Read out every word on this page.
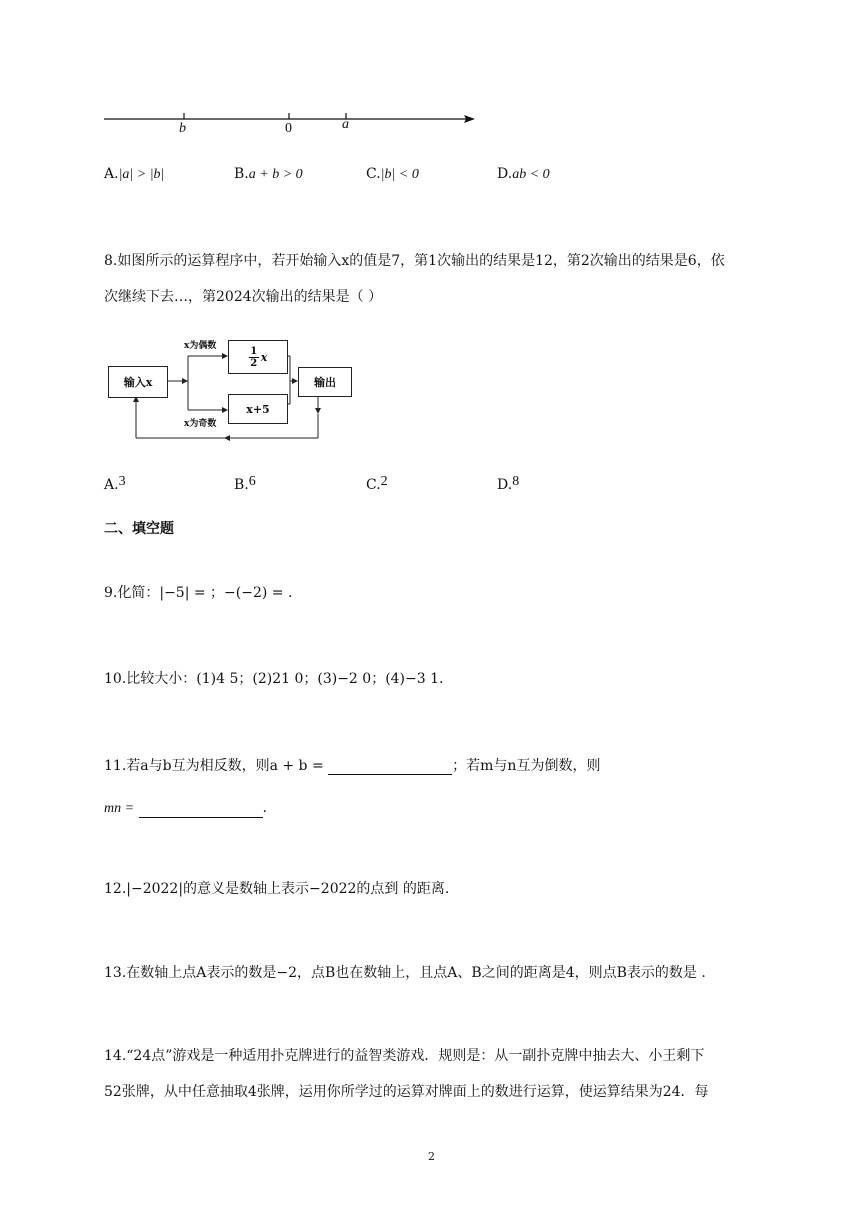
b	0	a
A.|a| > |b|	B.a + b > 0	C.|b| < 0	D.ab < 0
8.如图所示的运算程序中，若开始输入x的值是7，第1次输出的结果是12，第2次输出的结果是6，依
次继续下去…，第2024次输出的结果是（ ）
输入x
x为偶数	$\frac{1}{2}$ x
x+5
x为奇数
输出
A.3	B.6	C.2	D.8
二、填空题
9.化简：|−5| = ；−(−2) = .
10.比较大小：(1)4 5；(2)21 0；(3)−2 0；(4)−3 1.
11.若a与b互为相反数，则a + b =	；若m与n互为倒数，则
mn =	.
12.|−2022|的意义是数轴上表示−2022的点到 的距离.
13.在数轴上点A表示的数是−2，点B也在数轴上，且点A、B之间的距离是4，则点B表示的数是 .
14.“24点”游戏是一种适用扑克牌进行的益智类游戏．规则是：从一副扑克牌中抽去大、小王剩下
52张牌，从中任意抽取4张牌，运用你所学过的运算对牌面上的数进行运算，使运算结果为24．每
2
